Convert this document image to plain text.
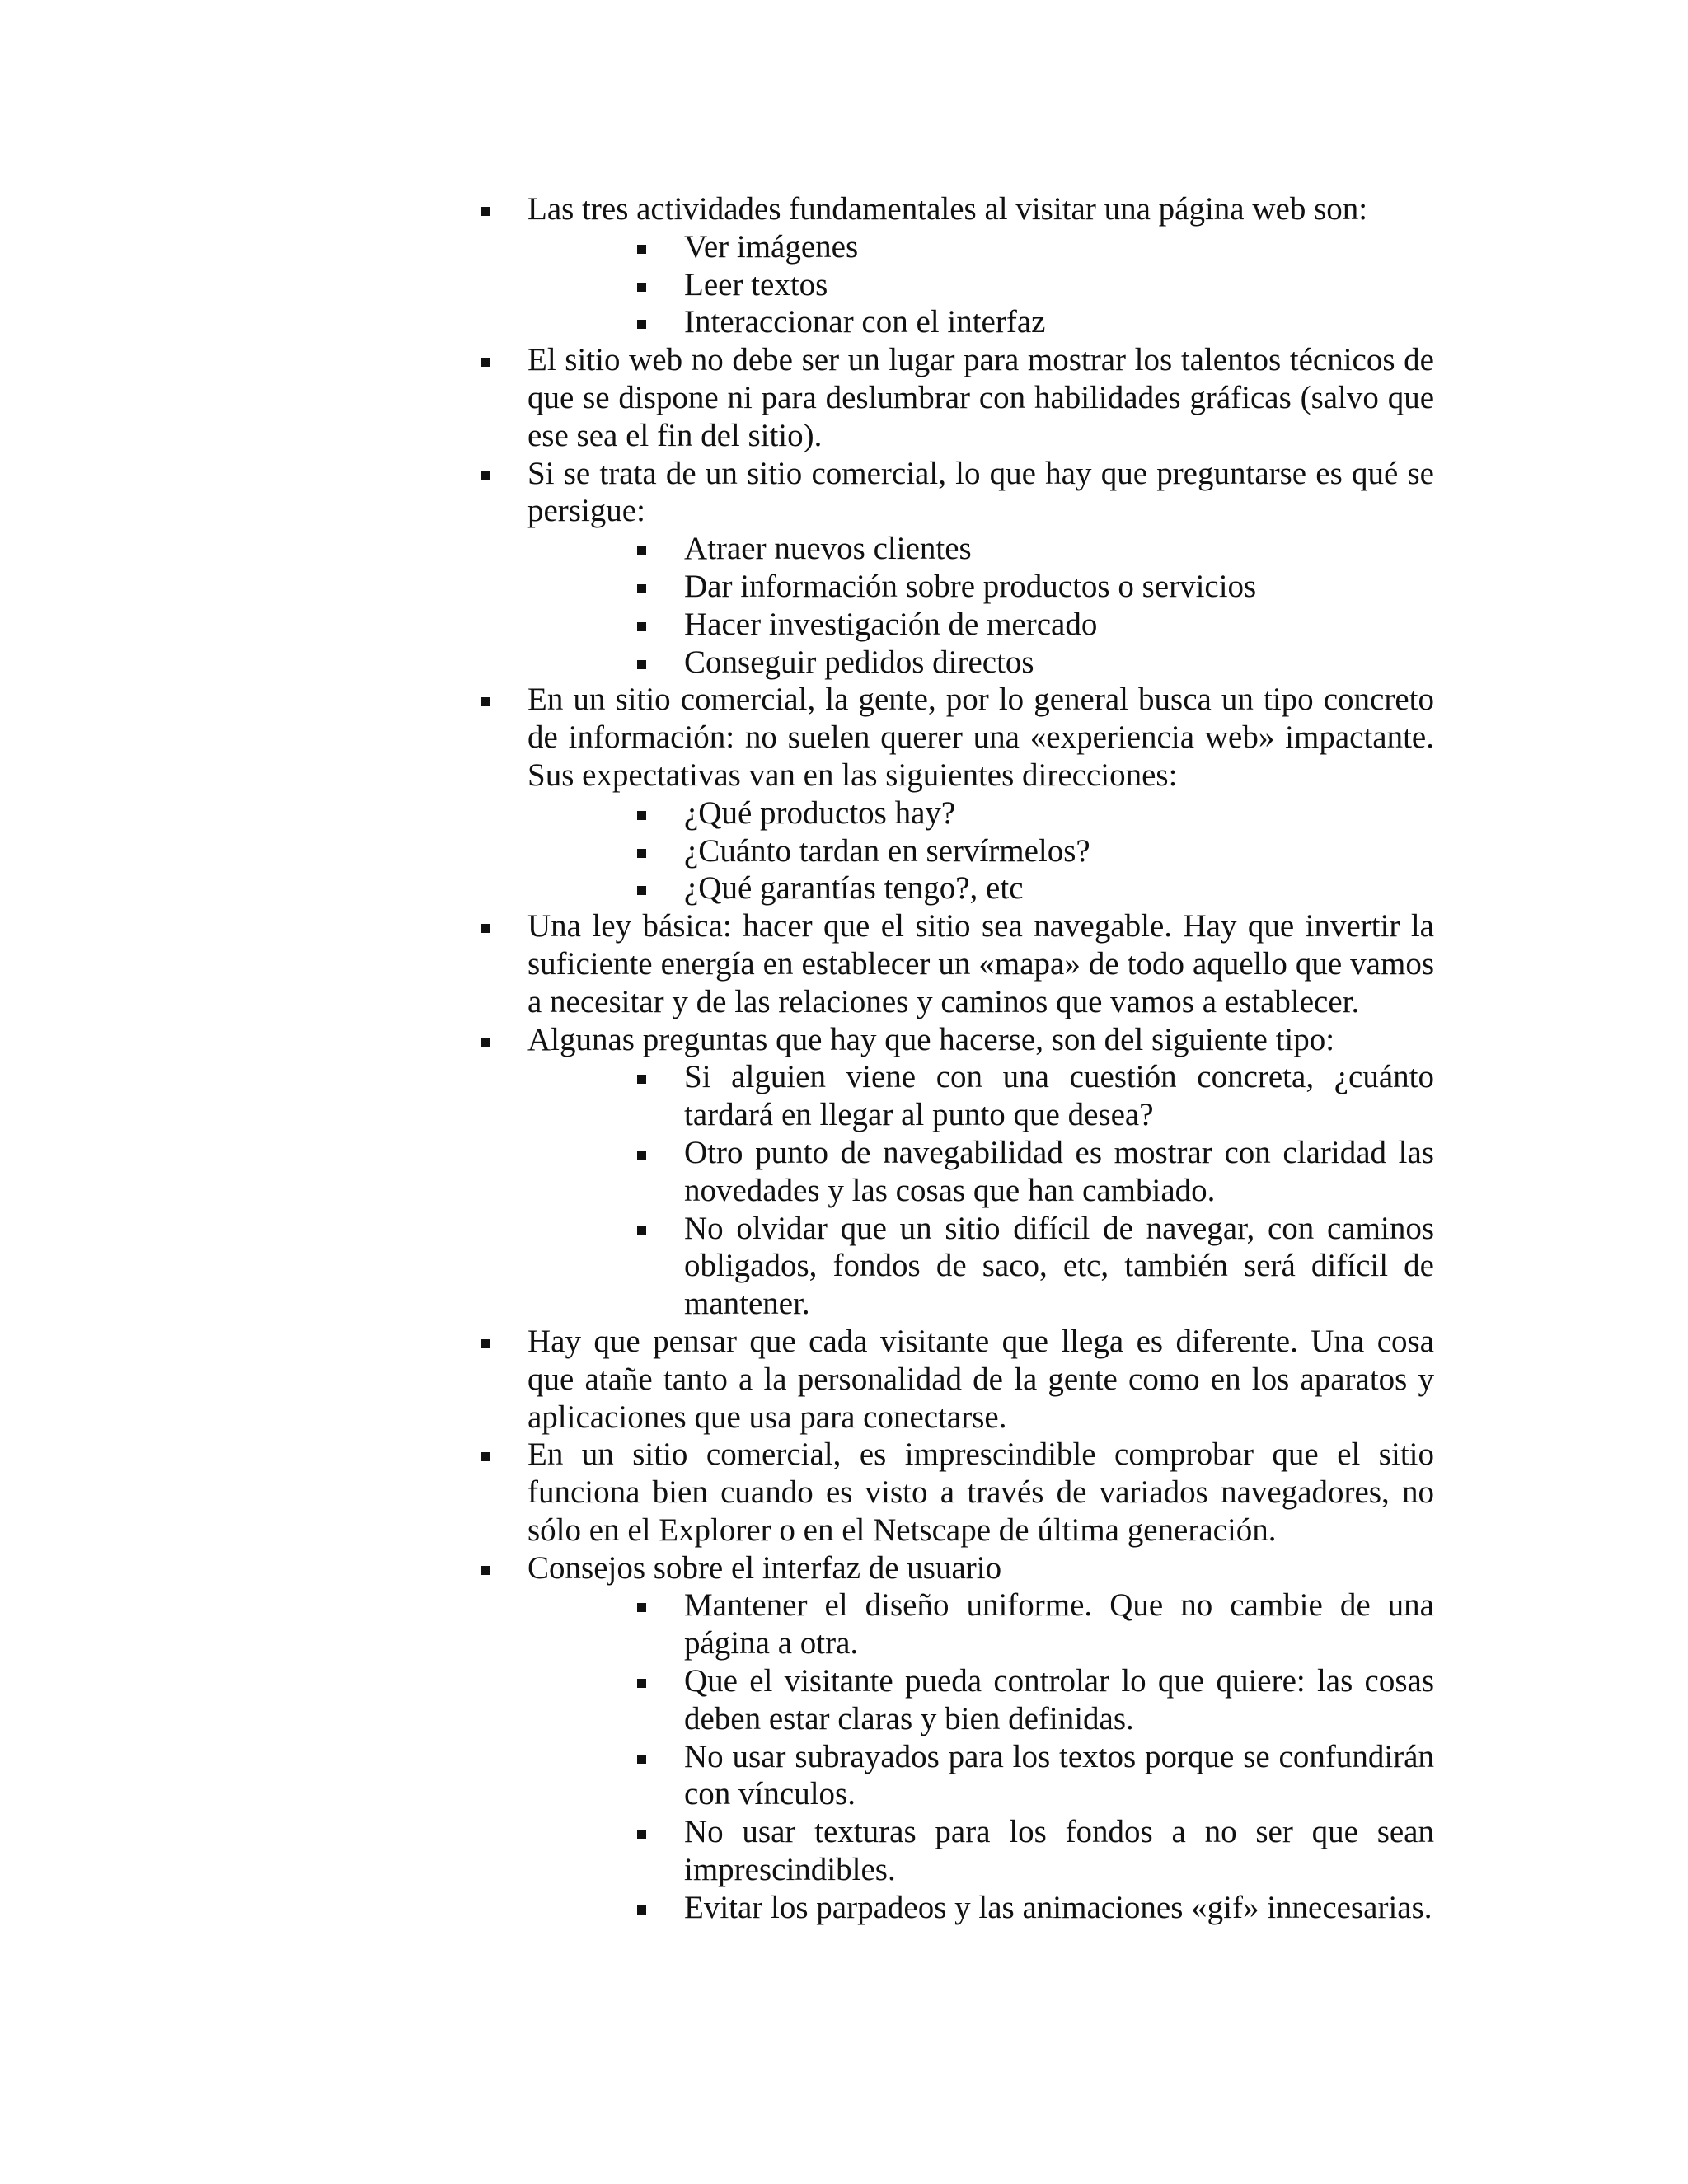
Las tres actividades fundamentales al visitar una página web son:
Ver imágenes
Leer textos
Interaccionar con el interfaz
El sitio web no debe ser un lugar para mostrar los talentos técnicos de que se dispone ni para deslumbrar con habilidades gráficas (salvo que ese sea el fin del sitio).
Si se trata de un sitio comercial, lo que hay que preguntarse es qué se persigue:
Atraer nuevos clientes
Dar información sobre productos o servicios
Hacer investigación de mercado
Conseguir pedidos directos
En un sitio comercial, la gente, por lo general busca un tipo concreto de información: no suelen querer una «experiencia web» impactante. Sus expectativas van en las siguientes direcciones:
¿Qué productos hay?
¿Cuánto tardan en servírmelos?
¿Qué garantías tengo?, etc
Una ley básica: hacer que el sitio sea navegable. Hay que invertir la suficiente energía en establecer un «mapa» de todo aquello que vamos a necesitar y de las relaciones y caminos que vamos a establecer.
Algunas preguntas que hay que hacerse, son del siguiente tipo:
Si alguien viene con una cuestión concreta, ¿cuánto tardará en llegar al punto que desea?
Otro punto de navegabilidad es mostrar con claridad las novedades y las cosas que han cambiado.
No olvidar que un sitio difícil de navegar, con caminos obligados, fondos de saco, etc, también será difícil de mantener.
Hay que pensar que cada visitante que llega es diferente. Una cosa que atañe tanto a la personalidad de la gente como en los aparatos y aplicaciones que usa para conectarse.
En un sitio comercial, es imprescindible comprobar que el sitio funciona bien cuando es visto a través de variados navegadores, no sólo en el Explorer o en el Netscape de última generación.
Consejos sobre el interfaz de usuario
Mantener el diseño uniforme. Que no cambie de una página a otra.
Que el visitante pueda controlar lo que quiere: las cosas deben estar claras y bien definidas.
No usar subrayados para los textos porque se confundirán con vínculos.
No usar texturas para los fondos a no ser que sean imprescindibles.
Evitar los parpadeos y las animaciones «gif» innecesarias.
